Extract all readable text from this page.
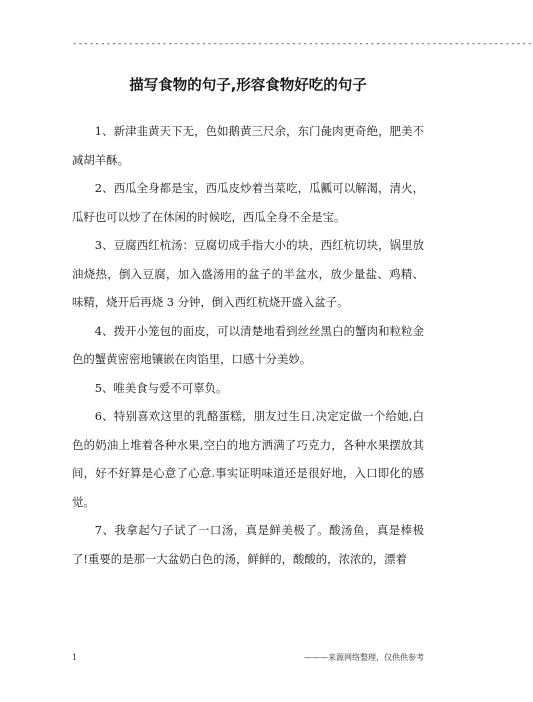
----------------------------------------------------------------------------------
描写食物的句子,形容食物好吃的句子

1、新津韭黄天下无，色如鹅黄三尺余，东门彘肉更奇绝，肥美不减胡羊酥。

2、西瓜全身都是宝，西瓜皮炒着当菜吃，瓜瓤可以解渴，清火，瓜籽也可以炒了在休闲的时候吃，西瓜全身不全是宝。

3、豆腐西红杭汤：豆腐切成手指大小的块，西红杭切块，锅里放油烧热，倒入豆腐，加入盛汤用的盆子的半盆水，放少量盐、鸡精、味精，烧开后再烧 3 分钟，倒入西红杭烧开盛入盆子。

4、拨开小笼包的面皮，可以清楚地看到丝丝黑白的蟹肉和粒粒金色的蟹黄密密地镶嵌在肉馅里，口感十分美妙。

5、唯美食与爱不可辜负。

6、特别喜欢这里的乳酪蛋糕，朋友过生日,决定定做一个给她,白色的奶油上堆着各种水果,空白的地方洒满了巧克力，各种水果摆放其间，好不好算是心意了心意.事实证明味道还是很好地，入口即化的感觉。

7、我拿起勺子试了一口汤，真是鲜美极了。酸汤鱼，真是棒极了!重要的是那一大盆奶白色的汤，鲜鲜的，酸酸的，浓浓的，漂着

1	———来源网络整理，仅供供参考
